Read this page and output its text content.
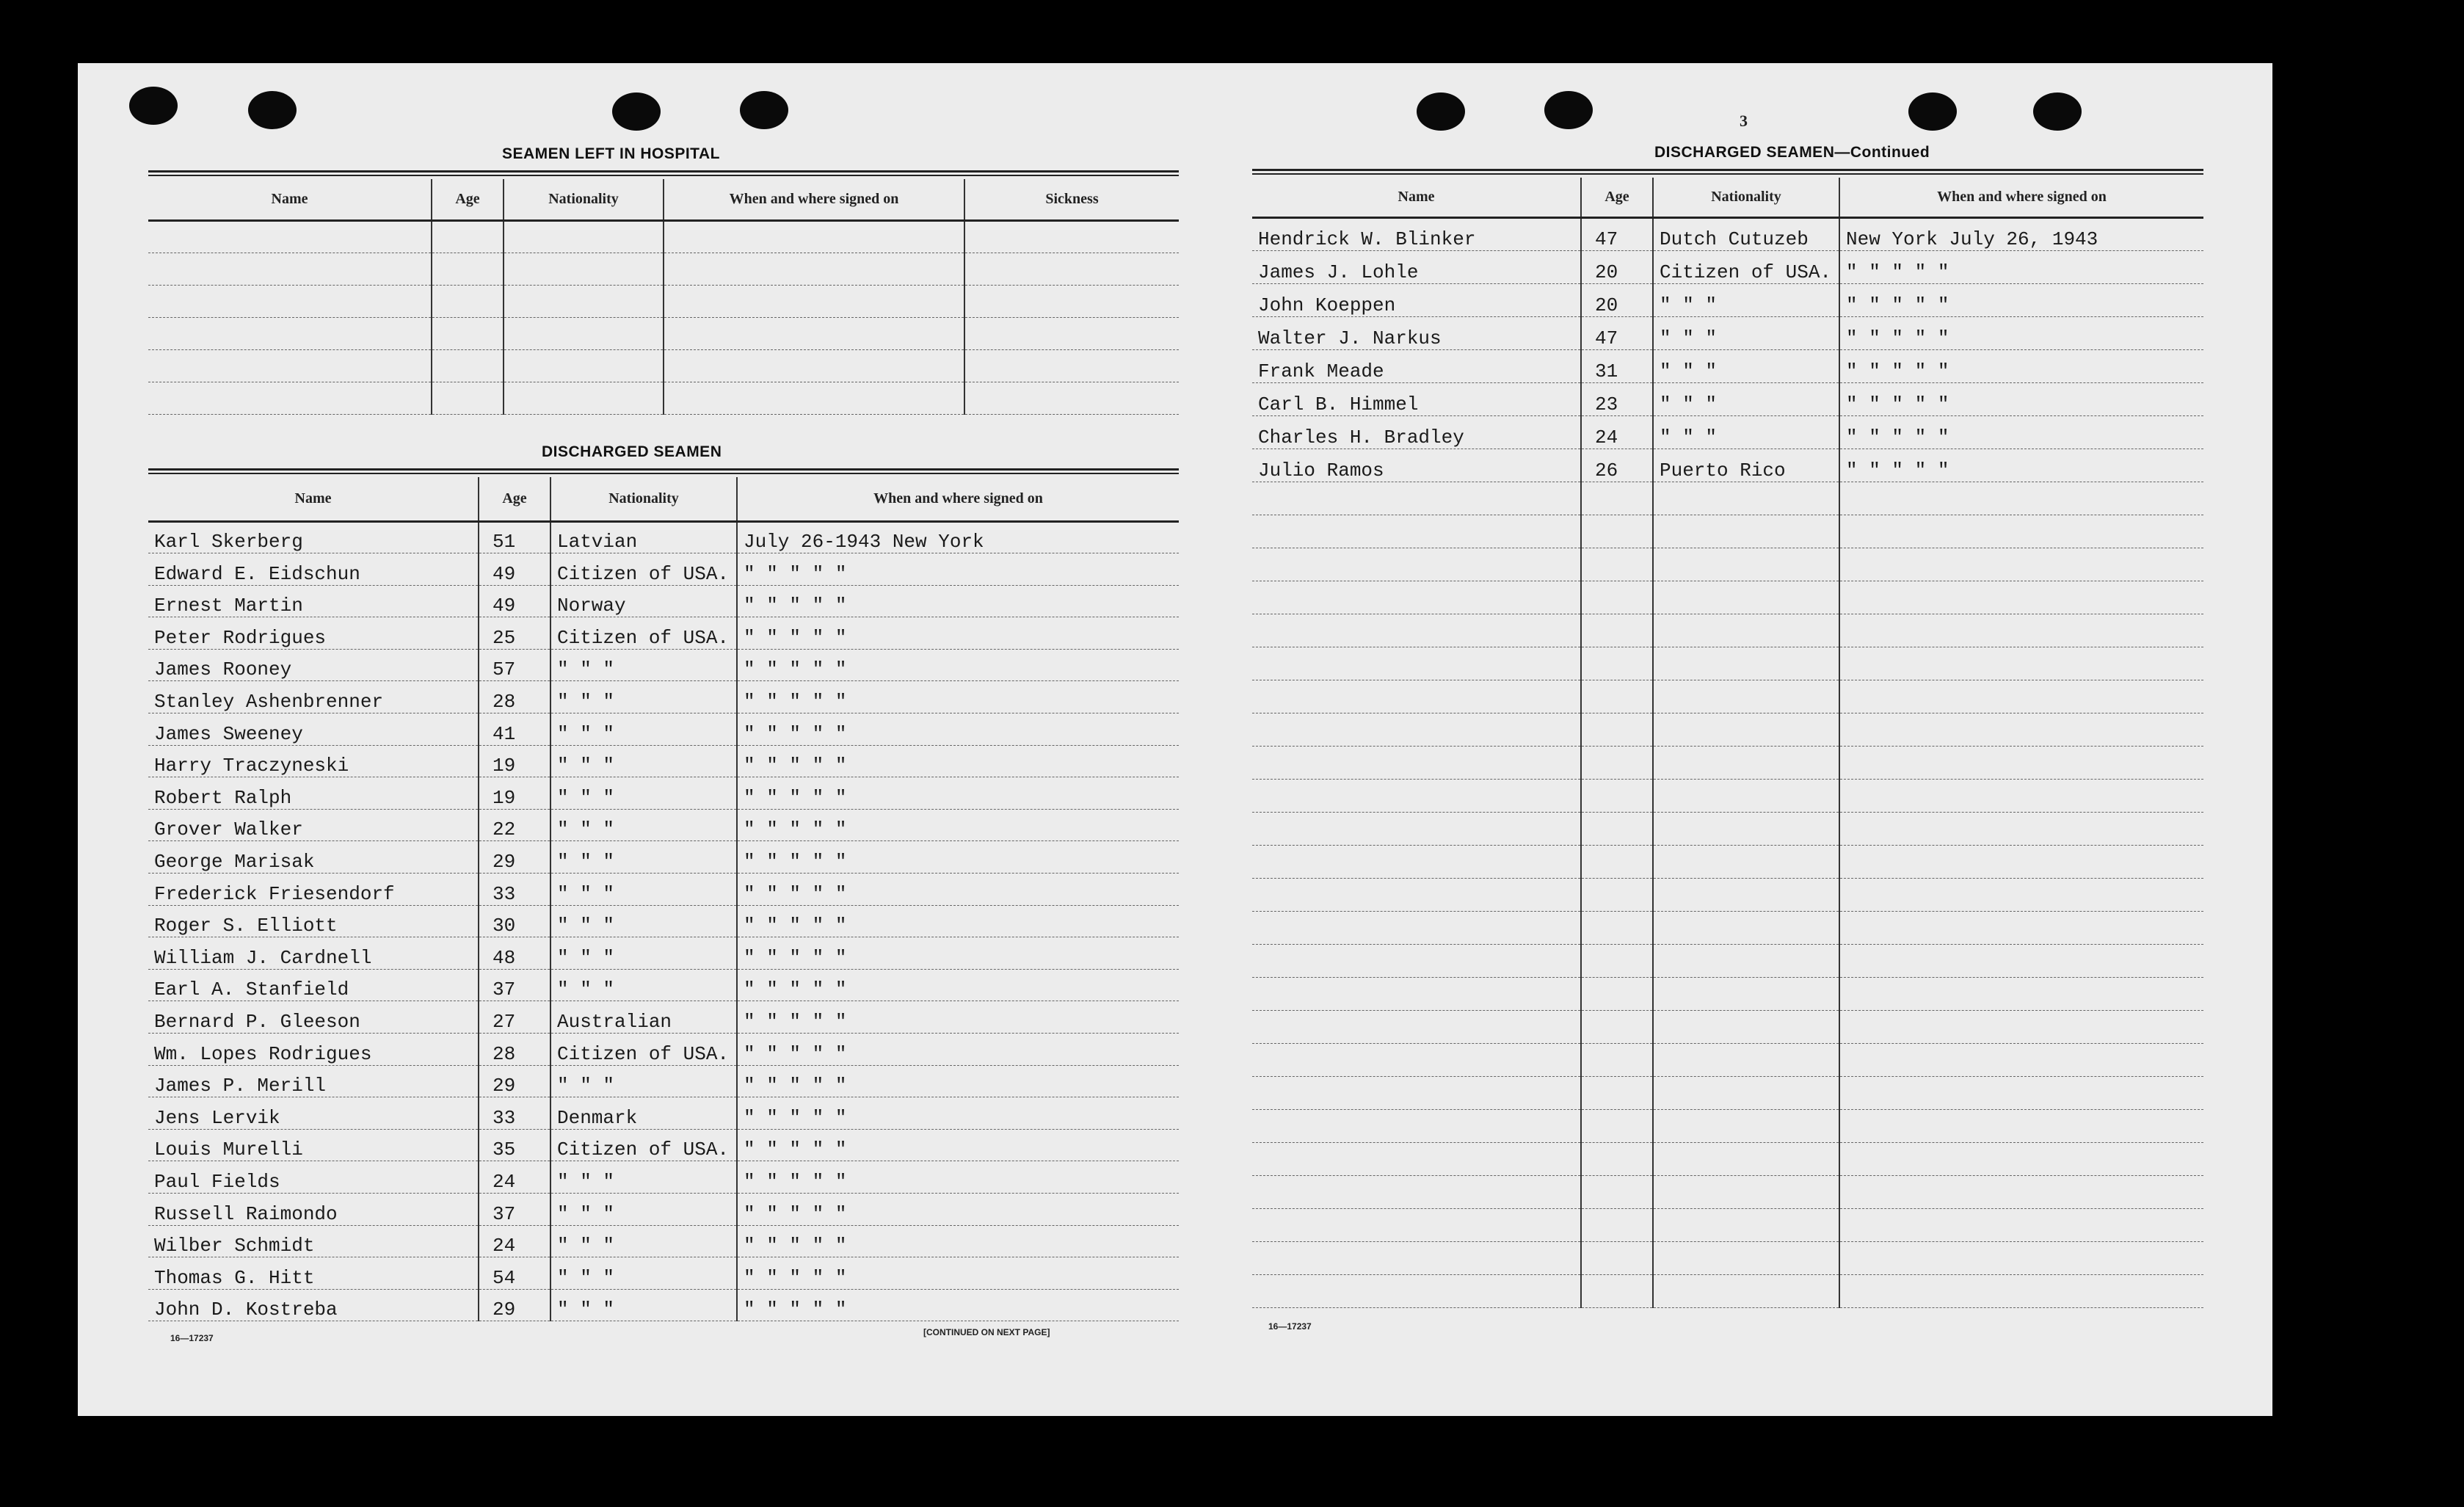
SEAMEN LEFT IN HOSPITAL
Name	Age	Nationality	When and where signed on	Sickness

DISCHARGED SEAMEN
Name	Age	Nationality	When and where signed on
Karl Skerberg	51	Latvian	July 26-1943 New York
Edward E. Eidschun	49	Citizen of USA.	" " " " "
Ernest Martin	49	Norway	" " " " "
Peter Rodrigues	25	Citizen of USA.	" " " " "
James Rooney	57	" " "	" " " " "
Stanley Ashenbrenner	28	" " "	" " " " "
James Sweeney	41	" " "	" " " " "
Harry Traczyneski	19	" " "	" " " " "
Robert Ralph	19	" " "	" " " " "
Grover Walker	22	" " "	" " " " "
George Marisak	29	" " "	" " " " "
Frederick Friesendorf	33	" " "	" " " " "
Roger S. Elliott	30	" " "	" " " " "
William J. Cardnell	48	" " "	" " " " "
Earl A. Stanfield	37	" " "	" " " " "
Bernard P. Gleeson	27	Australian	" " " " "
Wm. Lopes Rodrigues	28	Citizen of USA.	" " " " "
James P. Merill	29	" " "	" " " " "
Jens Lervik	33	Denmark	" " " " "
Louis Murelli	35	Citizen of USA.	" " " " "
Paul Fields	24	" " "	" " " " "
Russell Raimondo	37	" " "	" " " " "
Wilber Schmidt	24	" " "	" " " " "
Thomas G. Hitt	54	" " "	" " " " "
John D. Kostreba	29	" " "	" " " " "
16—17237
[CONTINUED ON NEXT PAGE]
3
DISCHARGED SEAMEN—Continued
Name	Age	Nationality	When and where signed on
Hendrick W. Blinker	47	Dutch Cutuzeb	New York July 26, 1943
James J. Lohle	20	Citizen of USA.	" " " " "
John Koeppen	20	" " "	" " " " "
Walter J. Narkus	47	" " "	" " " " "
Frank Meade	31	" " "	" " " " "
Carl B. Himmel	23	" " "	" " " " "
Charles H. Bradley	24	" " "	" " " " "
Julio Ramos	26	Puerto Rico	" " " " "

16—17237
